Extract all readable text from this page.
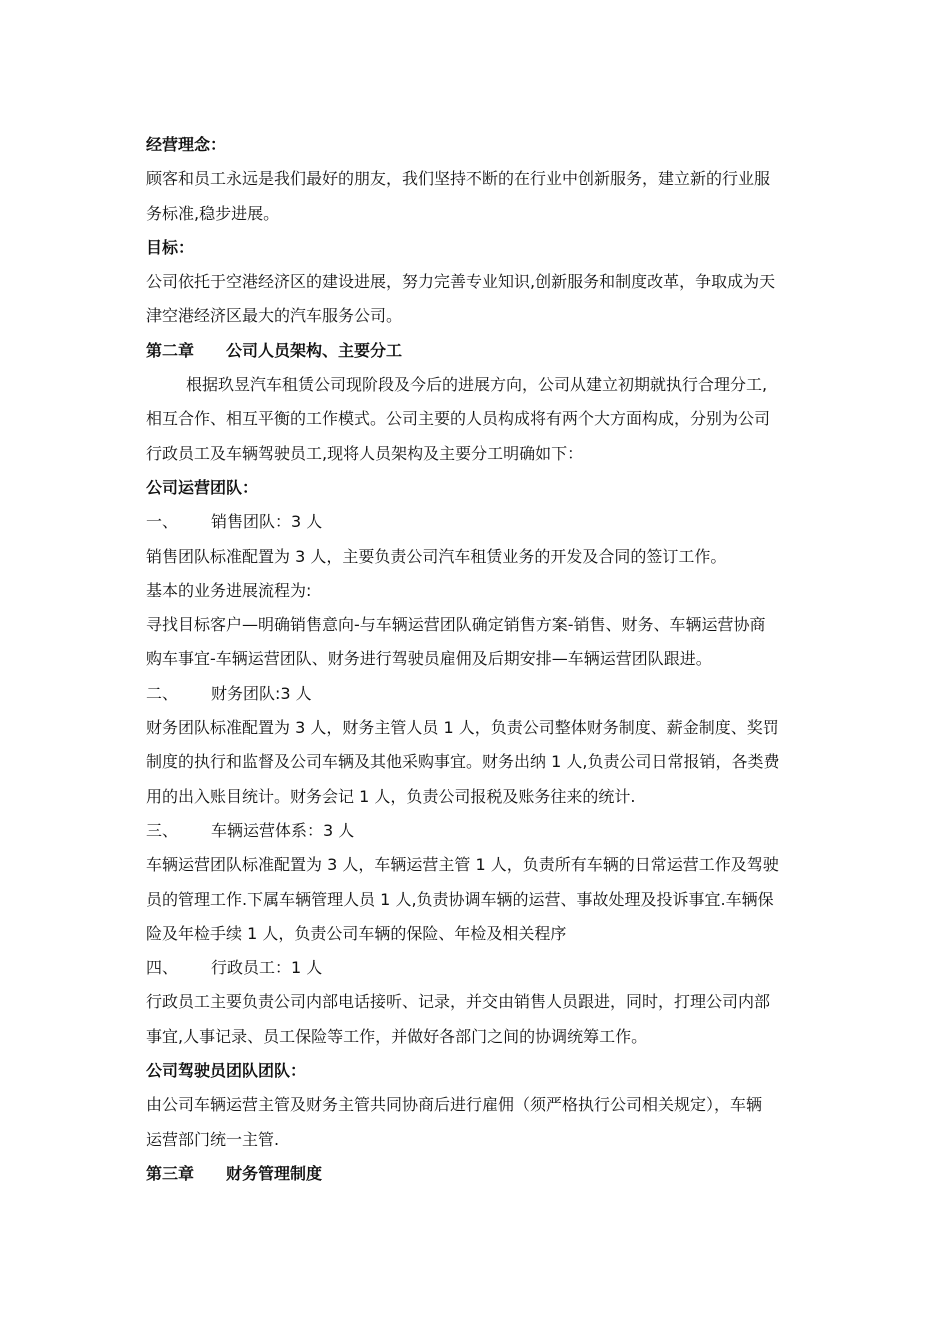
经营理念：
顾客和员工永远是我们最好的朋友，我们坚持不断的在行业中创新服务，建立新的行业服
务标准,稳步进展。
目标：
公司依托于空港经济区的建设进展，努力完善专业知识,创新服务和制度改革，争取成为天
津空港经济区最大的汽车服务公司。
第二章 公司人员架构、主要分工
根据玖昱汽车租赁公司现阶段及今后的进展方向，公司从建立初期就执行合理分工,
相互合作、相互平衡的工作模式。公司主要的人员构成将有两个大方面构成，分别为公司
行政员工及车辆驾驶员工,现将人员架构及主要分工明确如下：
公司运营团队：
一、 销售团队：3 人
销售团队标准配置为 3 人，主要负责公司汽车租赁业务的开发及合同的签订工作。
基本的业务进展流程为:
寻找目标客户—明确销售意向-与车辆运营团队确定销售方案-销售、财务、车辆运营协商
购车事宜-车辆运营团队、财务进行驾驶员雇佣及后期安排—车辆运营团队跟进。
二、 财务团队:3 人
财务团队标准配置为 3 人，财务主管人员 1 人，负责公司整体财务制度、薪金制度、奖罚
制度的执行和监督及公司车辆及其他采购事宜。财务出纳 1 人,负责公司日常报销，各类费
用的出入账目统计。财务会记 1 人，负责公司报税及账务往来的统计.
三、 车辆运营体系：3 人
车辆运营团队标准配置为 3 人，车辆运营主管 1 人，负责所有车辆的日常运营工作及驾驶
员的管理工作.下属车辆管理人员 1 人,负责协调车辆的运营、事故处理及投诉事宜.车辆保
险及年检手续 1 人，负责公司车辆的保险、年检及相关程序
四、 行政员工：1 人
行政员工主要负责公司内部电话接听、记录，并交由销售人员跟进，同时，打理公司内部
事宜,人事记录、员工保险等工作，并做好各部门之间的协调统筹工作。
公司驾驶员团队团队：
由公司车辆运营主管及财务主管共同协商后进行雇佣（须严格执行公司相关规定），车辆
运营部门统一主管.
第三章 财务管理制度
